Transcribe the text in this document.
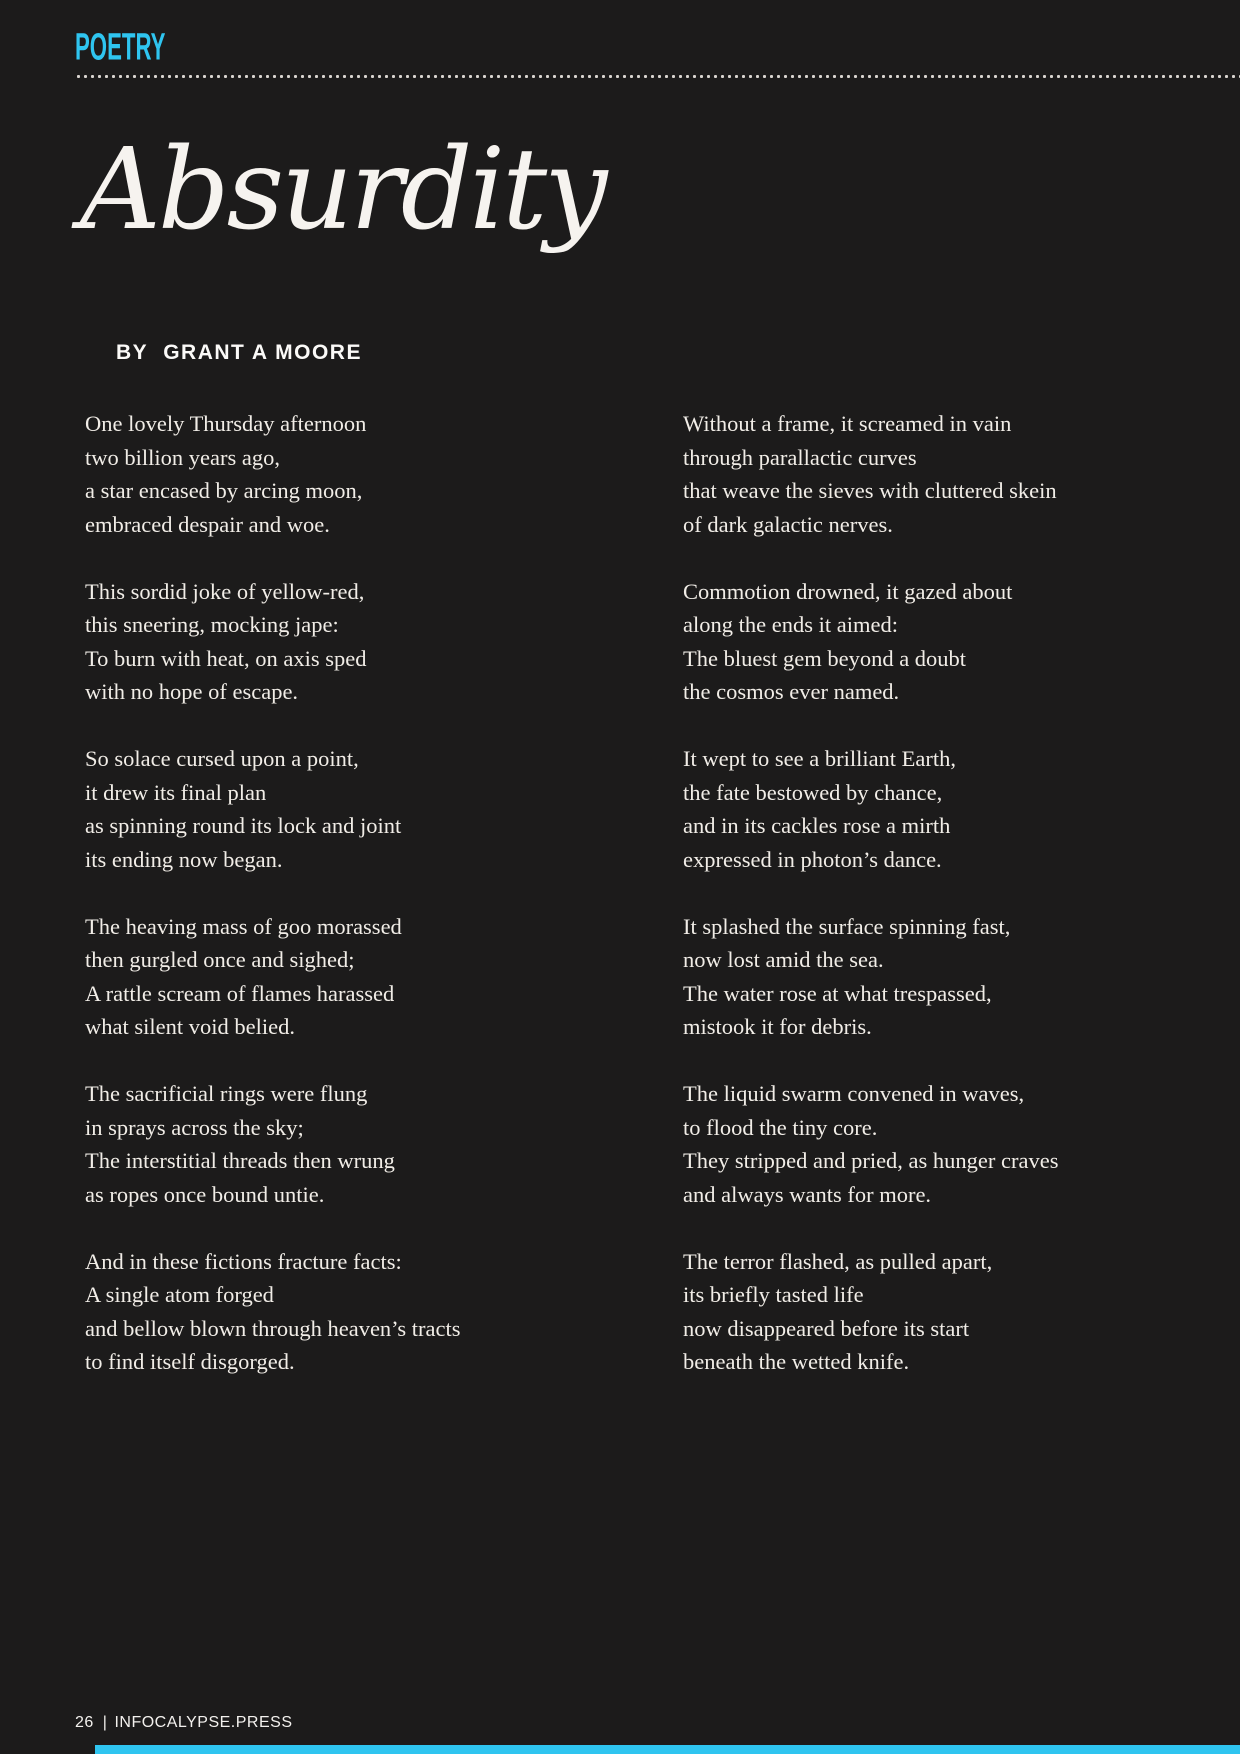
POETRY
Absurdity
BY GRANT A MOORE
One lovely Thursday afternoon
two billion years ago,
a star encased by arcing moon,
embraced despair and woe.
This sordid joke of yellow-red,
this sneering, mocking jape:
To burn with heat, on axis sped
with no hope of escape.
So solace cursed upon a point,
it drew its final plan
as spinning round its lock and joint
its ending now began.
The heaving mass of goo morassed
then gurgled once and sighed;
A rattle scream of flames harassed
what silent void belied.
The sacrificial rings were flung
in sprays across the sky;
The interstitial threads then wrung
as ropes once bound untie.
And in these fictions fracture facts:
A single atom forged
and bellow blown through heaven’s tracts
to find itself disgorged.
Without a frame, it screamed in vain
through parallactic curves
that weave the sieves with cluttered skein
of dark galactic nerves.
Commotion drowned, it gazed about
along the ends it aimed:
The bluest gem beyond a doubt
the cosmos ever named.
It wept to see a brilliant Earth,
the fate bestowed by chance,
and in its cackles rose a mirth
expressed in photon’s dance.
It splashed the surface spinning fast,
now lost amid the sea.
The water rose at what trespassed,
mistook it for debris.
The liquid swarm convened in waves,
to flood the tiny core.
They stripped and pried, as hunger craves
and always wants for more.
The terror flashed, as pulled apart,
its briefly tasted life
now disappeared before its start
beneath the wetted knife.
26 | INFOCALYPSE.PRESS
